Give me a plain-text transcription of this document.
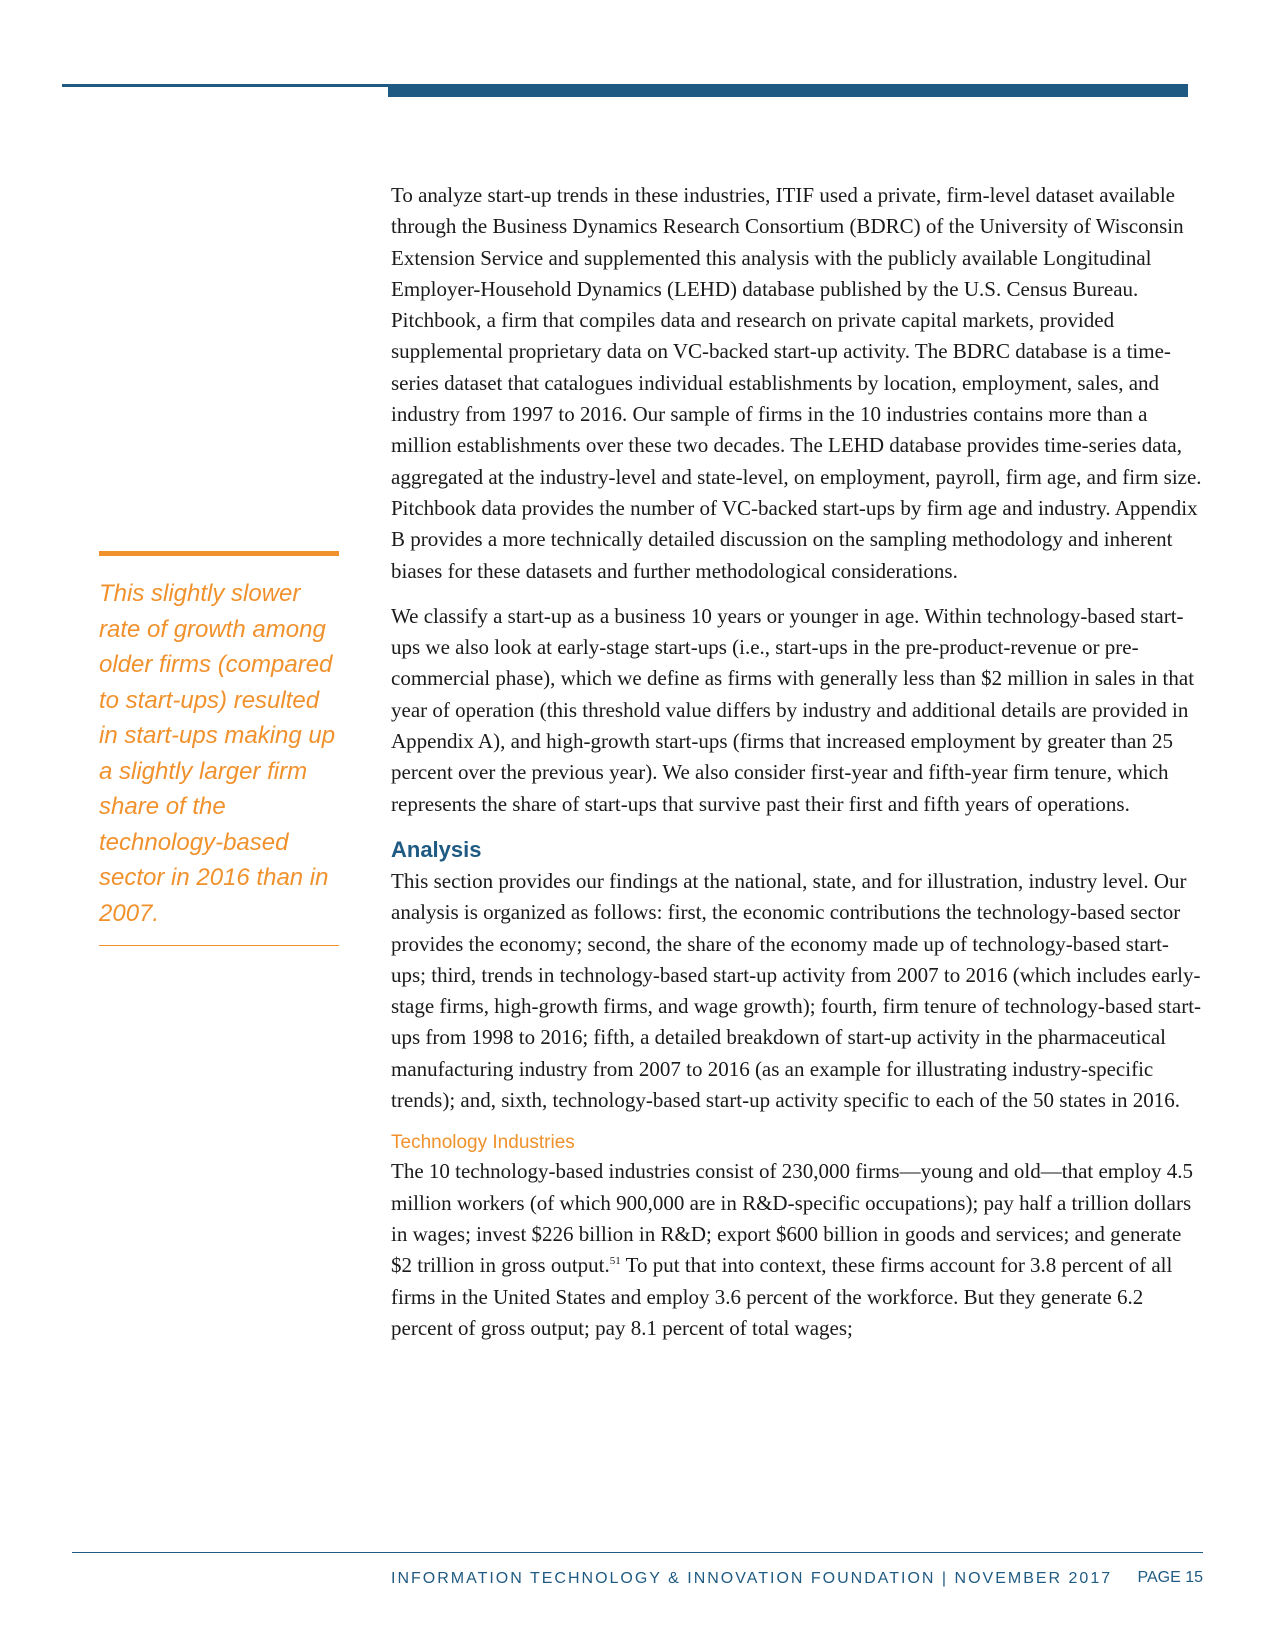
This slightly slower rate of growth among older firms (compared to start-ups) resulted in start-ups making up a slightly larger firm share of the technology-based sector in 2016 than in 2007.

To analyze start-up trends in these industries, ITIF used a private, firm-level dataset available through the Business Dynamics Research Consortium (BDRC) of the University of Wisconsin Extension Service and supplemented this analysis with the publicly available Longitudinal Employer-Household Dynamics (LEHD) database published by the U.S. Census Bureau. Pitchbook, a firm that compiles data and research on private capital markets, provided supplemental proprietary data on VC-backed start-up activity. The BDRC database is a time-series dataset that catalogues individual establishments by location, employment, sales, and industry from 1997 to 2016. Our sample of firms in the 10 industries contains more than a million establishments over these two decades. The LEHD database provides time-series data, aggregated at the industry-level and state-level, on employment, payroll, firm age, and firm size. Pitchbook data provides the number of VC-backed start-ups by firm age and industry. Appendix B provides a more technically detailed discussion on the sampling methodology and inherent biases for these datasets and further methodological considerations.

We classify a start-up as a business 10 years or younger in age. Within technology-based start-ups we also look at early-stage start-ups (i.e., start-ups in the pre-product-revenue or pre-commercial phase), which we define as firms with generally less than $2 million in sales in that year of operation (this threshold value differs by industry and additional details are provided in Appendix A), and high-growth start-ups (firms that increased employment by greater than 25 percent over the previous year). We also consider first-year and fifth-year firm tenure, which represents the share of start-ups that survive past their first and fifth years of operations.

Analysis

This section provides our findings at the national, state, and for illustration, industry level. Our analysis is organized as follows: first, the economic contributions the technology-based sector provides the economy; second, the share of the economy made up of technology-based start-ups; third, trends in technology-based start-up activity from 2007 to 2016 (which includes early-stage firms, high-growth firms, and wage growth); fourth, firm tenure of technology-based start-ups from 1998 to 2016; fifth, a detailed breakdown of start-up activity in the pharmaceutical manufacturing industry from 2007 to 2016 (as an example for illustrating industry-specific trends); and, sixth, technology-based start-up activity specific to each of the 50 states in 2016.

Technology Industries

The 10 technology-based industries consist of 230,000 firms—young and old—that employ 4.5 million workers (of which 900,000 are in R&D-specific occupations); pay half a trillion dollars in wages; invest $226 billion in R&D; export $600 billion in goods and services; and generate $2 trillion in gross output.$^{51}$ To put that into context, these firms account for 3.8 percent of all firms in the United States and employ 3.6 percent of the workforce. But they generate 6.2 percent of gross output; pay 8.1 percent of total wages;

INFORMATION TECHNOLOGY & INNOVATION FOUNDATION | NOVEMBER 2017 PAGE 15
